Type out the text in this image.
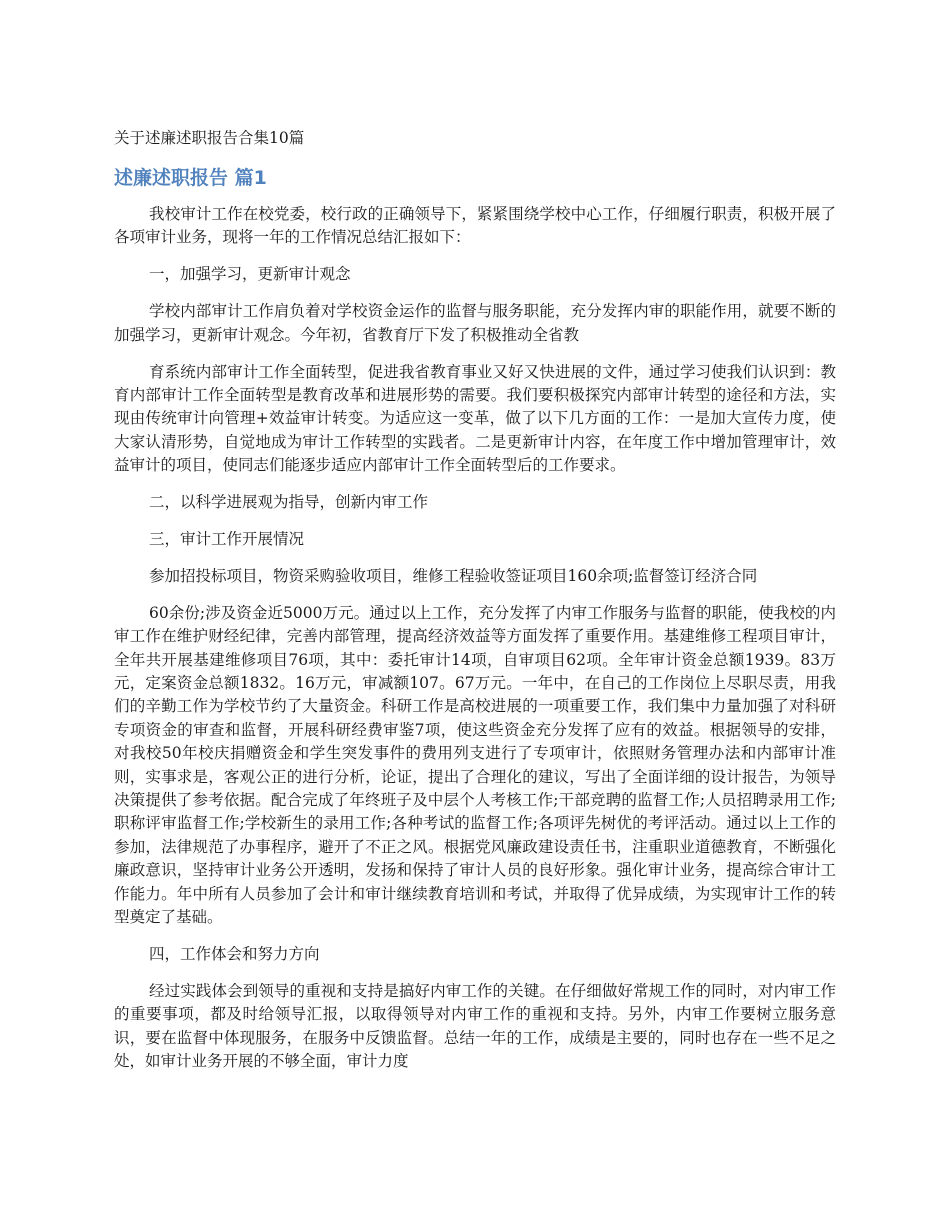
关于述廉述职报告合集10篇
述廉述职报告 篇1

我校审计工作在校党委，校行政的正确领导下，紧紧围绕学校中心工作，仔细履行职责，积极开展了各项审计业务，现将一年的工作情况总结汇报如下：

一，加强学习，更新审计观念

学校内部审计工作肩负着对学校资金运作的监督与服务职能，充分发挥内审的职能作用，就要不断的加强学习，更新审计观念。今年初，省教育厅下发了积极推动全省教

育系统内部审计工作全面转型，促进我省教育事业又好又快进展的文件，通过学习使我们认识到：教育内部审计工作全面转型是教育改革和进展形势的需要。我们要积极探究内部审计转型的途径和方法，实现由传统审计向管理+效益审计转变。为适应这一变革，做了以下几方面的工作：一是加大宣传力度，使大家认清形势，自觉地成为审计工作转型的实践者。二是更新审计内容，在年度工作中增加管理审计，效益审计的项目，使同志们能逐步适应内部审计工作全面转型后的工作要求。

二，以科学进展观为指导，创新内审工作

三，审计工作开展情况

参加招投标项目，物资采购验收项目，维修工程验收签证项目160余项;监督签订经济合同

60余份;涉及资金近5000万元。通过以上工作，充分发挥了内审工作服务与监督的职能，使我校的内审工作在维护财经纪律，完善内部管理，提高经济效益等方面发挥了重要作用。基建维修工程项目审计，全年共开展基建维修项目76项，其中：委托审计14项，自审项目62项。全年审计资金总额1939。83万元，定案资金总额1832。16万元，审减额107。67万元。一年中，在自己的工作岗位上尽职尽责，用我们的辛勤工作为学校节约了大量资金。科研工作是高校进展的一项重要工作，我们集中力量加强了对科研专项资金的审查和监督，开展科研经费审鉴7项，使这些资金充分发挥了应有的效益。根据领导的安排，对我校50年校庆捐赠资金和学生突发事件的费用列支进行了专项审计，依照财务管理办法和内部审计准则，实事求是，客观公正的进行分析，论证，提出了合理化的建议，写出了全面详细的设计报告，为领导决策提供了参考依据。配合完成了年终班子及中层个人考核工作;干部竞聘的监督工作;人员招聘录用工作;职称评审监督工作;学校新生的录用工作;各种考试的监督工作;各项评先树优的考评活动。通过以上工作的参加，法律规范了办事程序，避开了不正之风。根据党风廉政建设责任书，注重职业道德教育，不断强化廉政意识，坚持审计业务公开透明，发扬和保持了审计人员的良好形象。强化审计业务，提高综合审计工作能力。年中所有人员参加了会计和审计继续教育培训和考试，并取得了优异成绩，为实现审计工作的转型奠定了基础。

四，工作体会和努力方向

经过实践体会到领导的重视和支持是搞好内审工作的关键。在仔细做好常规工作的同时，对内审工作的重要事项，都及时给领导汇报，以取得领导对内审工作的重视和支持。另外，内审工作要树立服务意识，要在监督中体现服务，在服务中反馈监督。总结一年的工作，成绩是主要的，同时也存在一些不足之处，如审计业务开展的不够全面，审计力度
